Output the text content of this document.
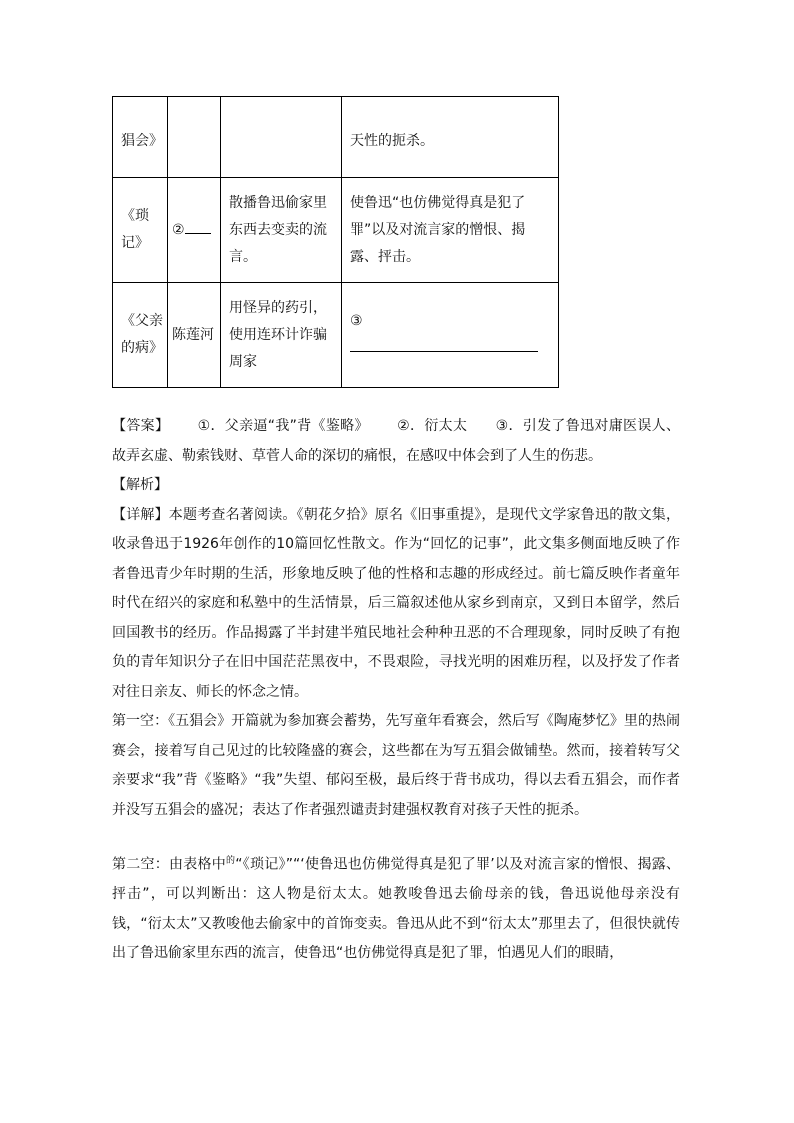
猖会》			天性的扼杀。
《琐记》	②	散播鲁迅偷家里东西去变卖的流言。	使鲁迅“也仿佛觉得真是犯了罪”以及对流言家的憎恨、揭露、抨击。
《父亲的病》	陈莲河	用怪异的药引，使用连环计诈骗周家	③

【答案】 ①．父亲逼“我”背《鉴略》 ②．衍太太 ③．引发了鲁迅对庸医误人、故弄玄虚、勒索钱财、草菅人命的深切的痛恨，在感叹中体会到了人生的伤悲。

【解析】

【详解】本题考查名著阅读。《朝花夕拾》原名《旧事重提》，是现代文学家鲁迅的散文集，收录鲁迅于1926年创作的10篇回忆性散文。作为“回忆的记事”，此文集多侧面地反映了作者鲁迅青少年时期的生活，形象地反映了他的性格和志趣的形成经过。前七篇反映作者童年时代在绍兴的家庭和私塾中的生活情景，后三篇叙述他从家乡到南京，又到日本留学，然后回国教书的经历。作品揭露了半封建半殖民地社会种种丑恶的不合理现象，同时反映了有抱负的青年知识分子在旧中国茫茫黑夜中，不畏艰险，寻找光明的困难历程，以及抒发了作者对往日亲友、师长的怀念之情。

第一空：《五猖会》开篇就为参加赛会蓄势，先写童年看赛会，然后写《陶庵梦忆》里的热闹赛会，接着写自己见过的比较隆盛的赛会，这些都在为写五猖会做铺垫。然而，接着转写父亲要求“我”背《鉴略》“我”失望、郁闷至极，最后终于背书成功，得以去看五猖会，而作者并没写五猖会的盛况；表达了作者强烈谴责封建强权教育对孩子天性的扼杀。

第二空：由表格中$^的$“《琐记》”“‘使鲁迅也仿佛觉得真是犯了罪’以及对流言家的憎恨、揭露、抨击”，可以判断出：这人物是衍太太。她教唆鲁迅去偷母亲的钱，鲁迅说他母亲没有钱，“衍太太”又教唆他去偷家中的首饰变卖。鲁迅从此不到“衍太太”那里去了，但很快就传出了鲁迅偷家里东西的流言，使鲁迅“也仿佛觉得真是犯了罪，怕遇见人们的眼睛，
